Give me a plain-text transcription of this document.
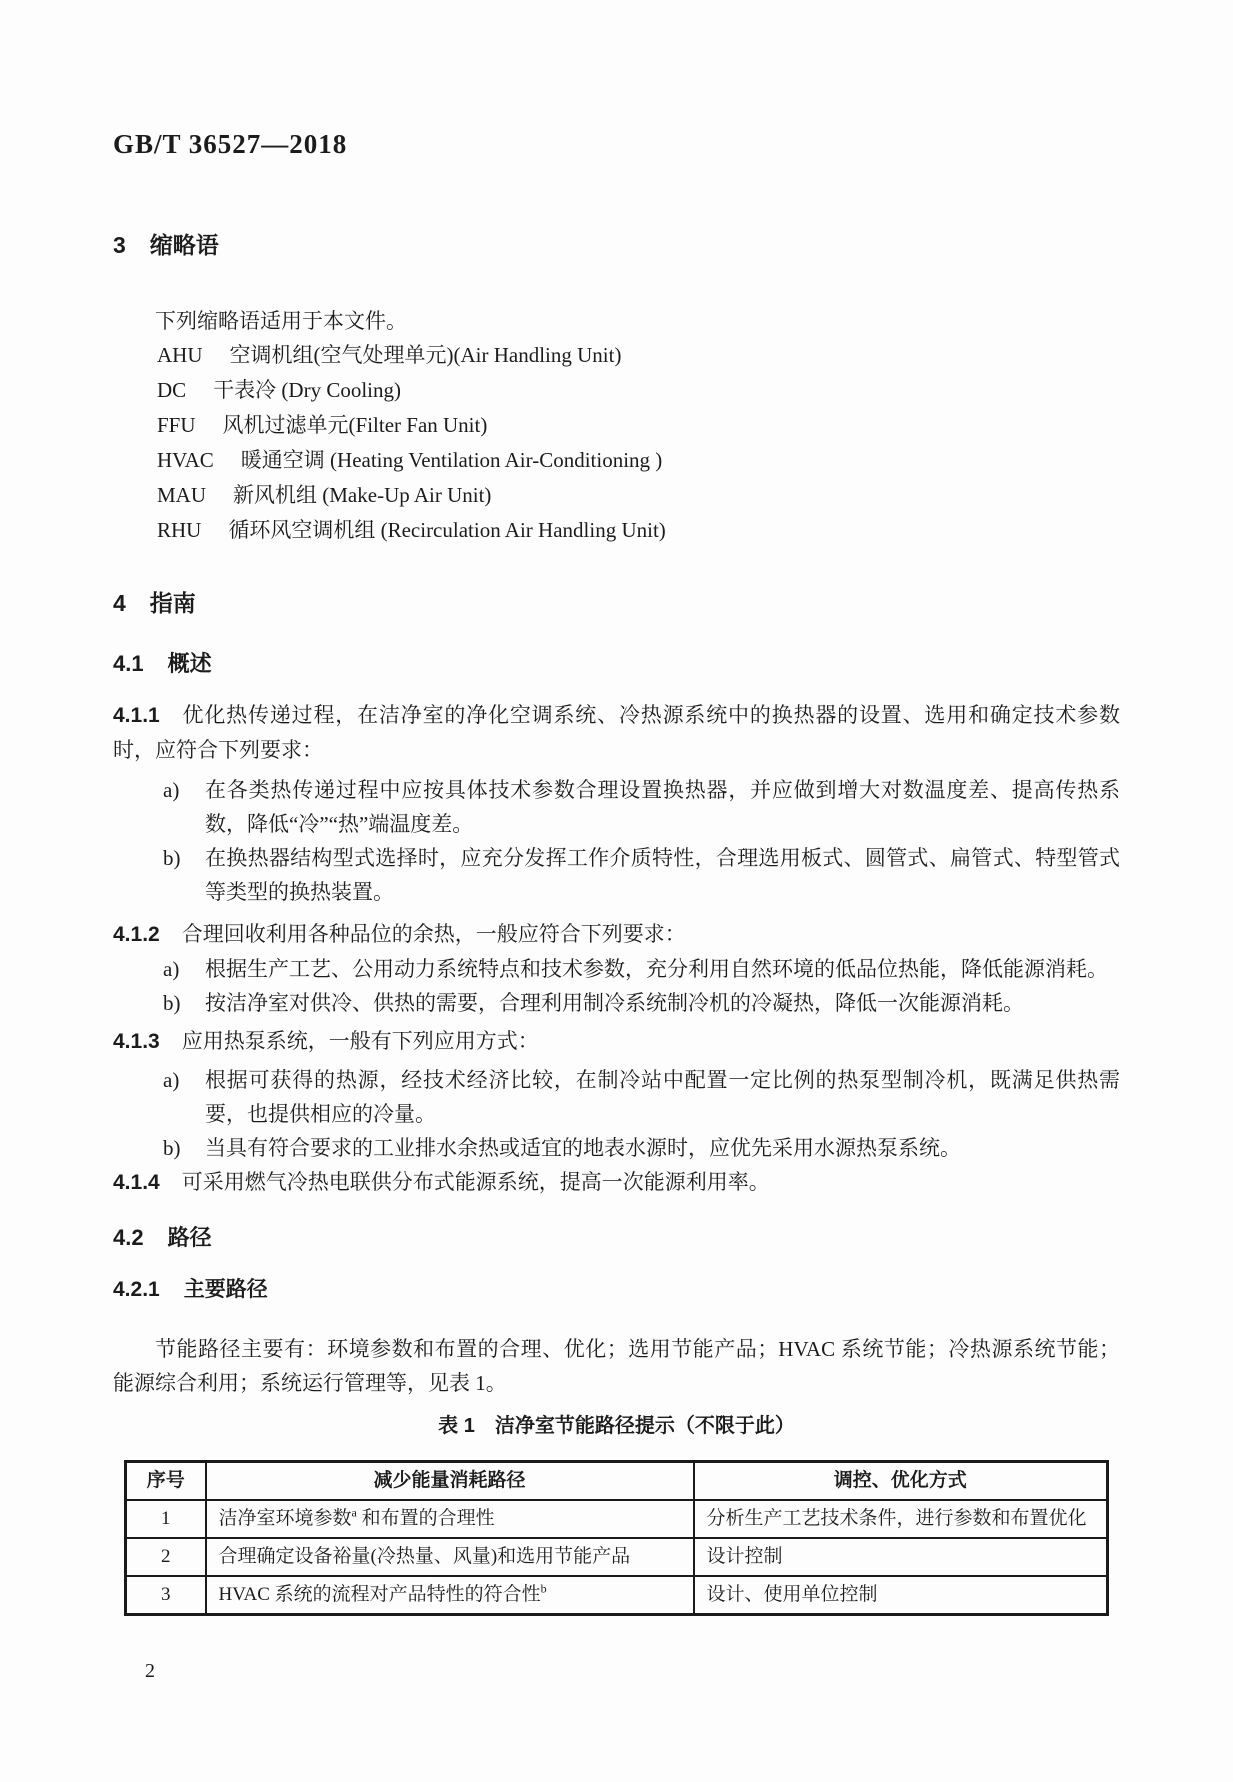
GB/T 36527—2018
3 缩略语

下列缩略语适用于本文件。

AHU 空调机组(空气处理单元)(Air Handling Unit)
DC 干表冷 (Dry Cooling)
FFU 风机过滤单元(Filter Fan Unit)
HVAC 暖通空调 (Heating Ventilation Air-Conditioning )
MAU 新风机组 (Make-Up Air Unit)
RHU 循环风空调机组 (Recirculation Air Handling Unit)
4 指南
4.1 概述

4.1.1 优化热传递过程，在洁净室的净化空调系统、冷热源系统中的换热器的设置、选用和确定技术参数时，应符合下列要求：

a)	在各类热传递过程中应按具体技术参数合理设置换热器，并应做到增大对数温度差、提高传热系数，降低“冷”“热”端温度差。
b)	在换热器结构型式选择时，应充分发挥工作介质特性，合理选用板式、圆管式、扁管式、特型管式等类型的换热装置。

4.1.2 合理回收利用各种品位的余热，一般应符合下列要求：

a)	根据生产工艺、公用动力系统特点和技术参数，充分利用自然环境的低品位热能，降低能源消耗。
b)	按洁净室对供冷、供热的需要，合理利用制冷系统制冷机的冷凝热，降低一次能源消耗。

4.1.3 应用热泵系统，一般有下列应用方式：

a)	根据可获得的热源，经技术经济比较，在制冷站中配置一定比例的热泵型制冷机，既满足供热需要，也提供相应的冷量。
b)	当具有符合要求的工业排水余热或适宜的地表水源时，应优先采用水源热泵系统。

4.1.4 可采用燃气冷热电联供分布式能源系统，提高一次能源利用率。

4.2 路径
4.2.1 主要路径

节能路径主要有：环境参数和布置的合理、优化；选用节能产品；HVAC 系统节能；冷热源系统节能；能源综合利用；系统运行管理等，见表 1。

表 1　洁净室节能路径提示（不限于此）
序号	减少能量消耗路径	调控、优化方式
1	洁净室环境参数$^a$ 和布置的合理性	分析生产工艺技术条件，进行参数和布置优化
2	合理确定设备裕量(冷热量、风量)和选用节能产品	设计控制
3	HVAC 系统的流程对产品特性的符合性$^b$	设计、使用单位控制
2
